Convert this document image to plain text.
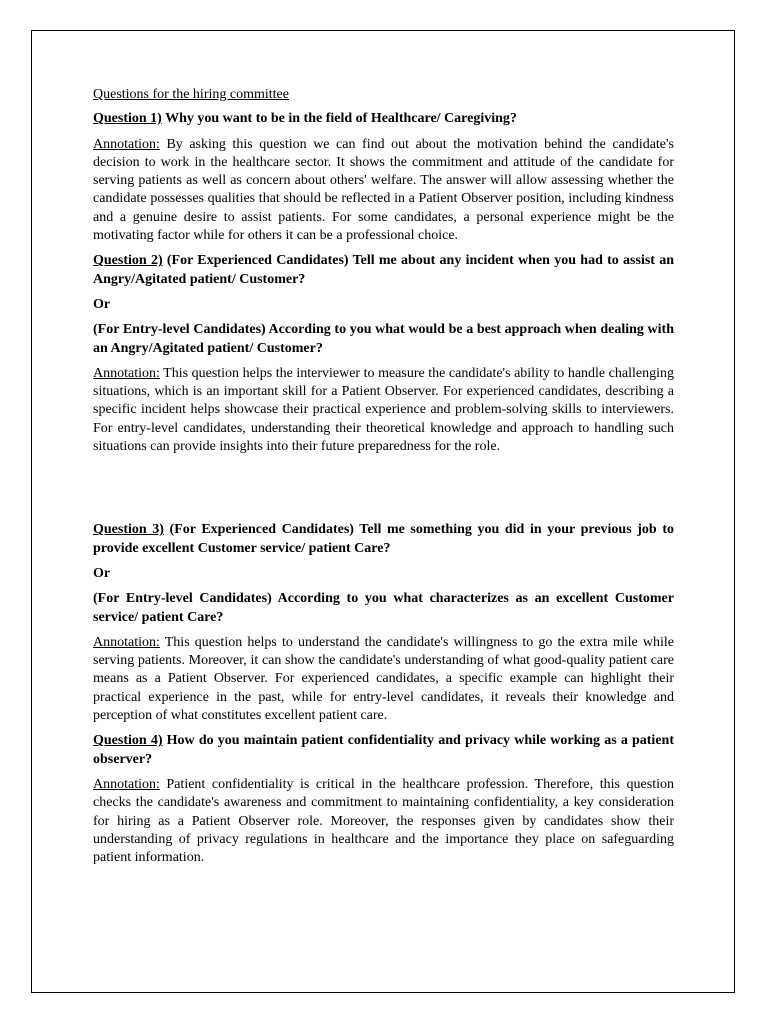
Questions for the hiring committee

Question 1) Why you want to be in the field of Healthcare/ Caregiving?

Annotation: By asking this question we can find out about the motivation behind the candidate's decision to work in the healthcare sector. It shows the commitment and attitude of the candidate for serving patients as well as concern about others' welfare. The answer will allow assessing whether the candidate possesses qualities that should be reflected in a Patient Observer position, including kindness and a genuine desire to assist patients. For some candidates, a personal experience might be the motivating factor while for others it can be a professional choice.

Question 2) (For Experienced Candidates) Tell me about any incident when you had to assist an Angry/Agitated patient/ Customer?

Or

(For Entry-level Candidates) According to you what would be a best approach when dealing with an Angry/Agitated patient/ Customer?

Annotation: This question helps the interviewer to measure the candidate's ability to handle challenging situations, which is an important skill for a Patient Observer. For experienced candidates, describing a specific incident helps showcase their practical experience and problem-solving skills to interviewers. For entry-level candidates, understanding their theoretical knowledge and approach to handling such situations can provide insights into their future preparedness for the role.

Question 3) (For Experienced Candidates) Tell me something you did in your previous job to provide excellent Customer service/ patient Care?

Or

(For Entry-level Candidates) According to you what characterizes as an excellent Customer service/ patient Care?

Annotation: This question helps to understand the candidate's willingness to go the extra mile while serving patients. Moreover, it can show the candidate's understanding of what good-quality patient care means as a Patient Observer. For experienced candidates, a specific example can highlight their practical experience in the past, while for entry-level candidates, it reveals their knowledge and perception of what constitutes excellent patient care.

Question 4) How do you maintain patient confidentiality and privacy while working as a patient observer?

Annotation: Patient confidentiality is critical in the healthcare profession. Therefore, this question checks the candidate's awareness and commitment to maintaining confidentiality, a key consideration for hiring as a Patient Observer role. Moreover, the responses given by candidates show their understanding of privacy regulations in healthcare and the importance they place on safeguarding patient information.
